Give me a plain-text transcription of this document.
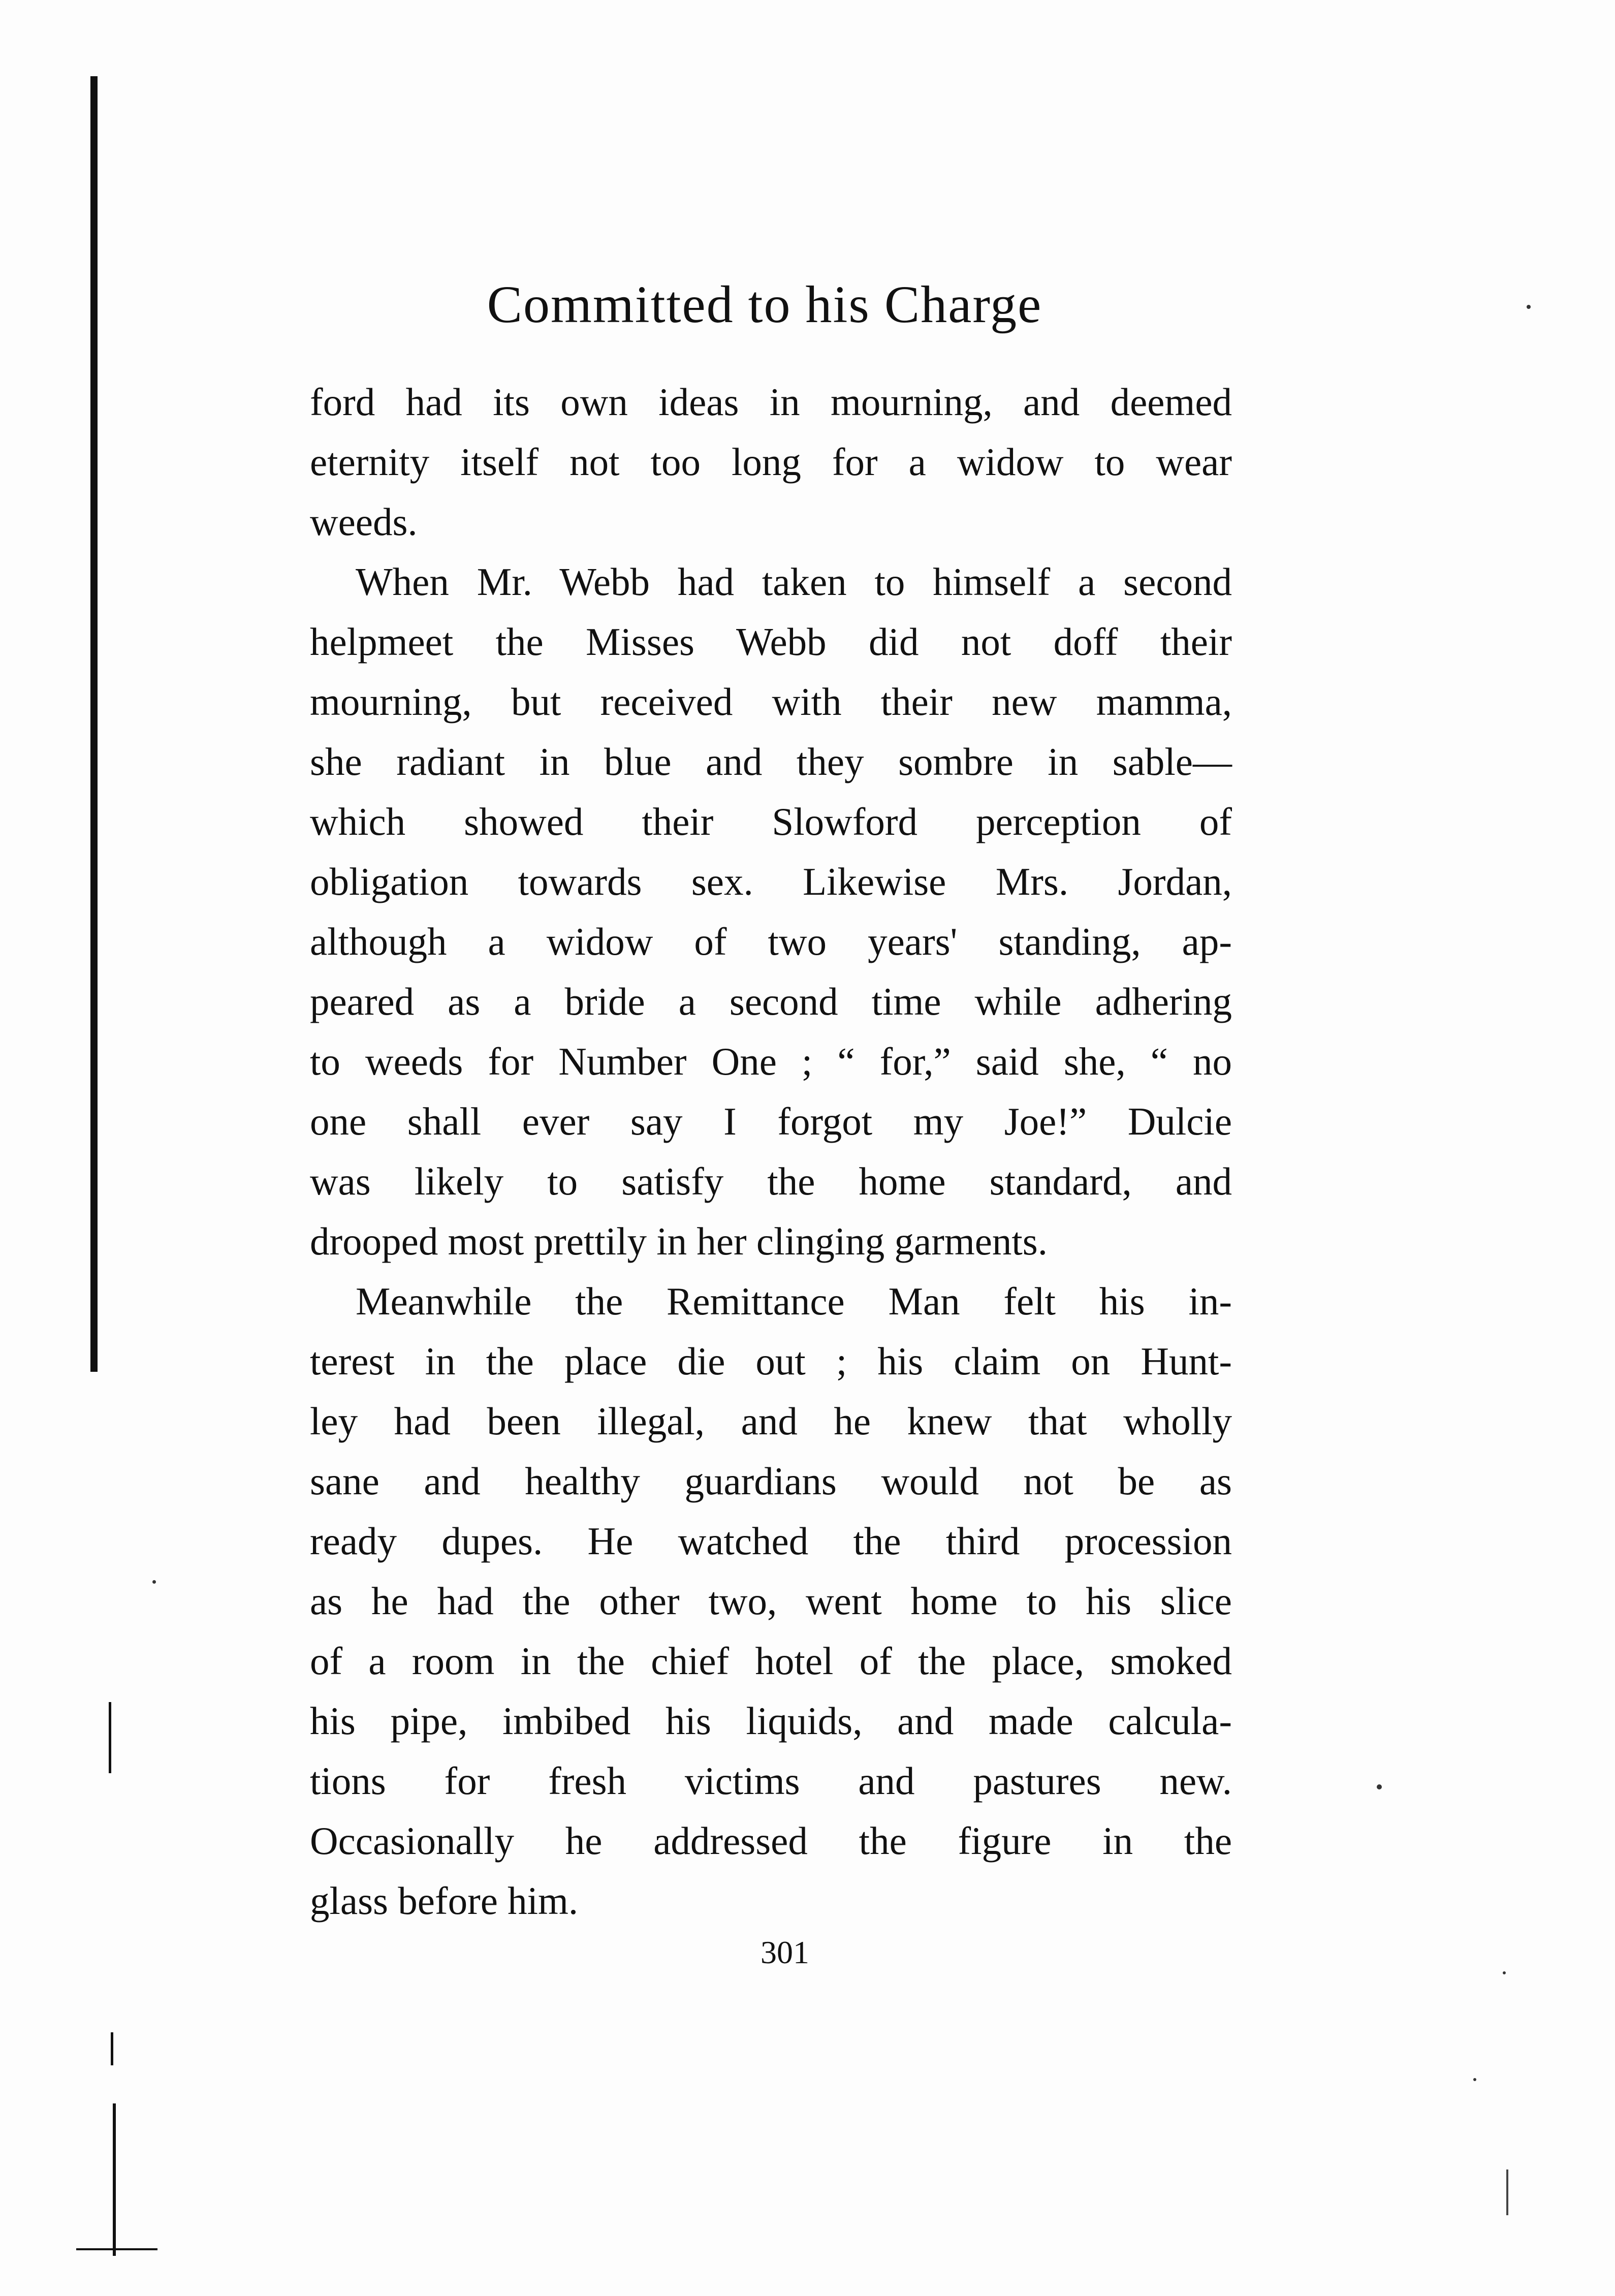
Committed to his Charge
ford had its own ideas in mourning, and deemed
eternity itself not too long for a widow to wear
weeds.
When Mr. Webb had taken to himself a second
helpmeet the Misses Webb did not doff their
mourning, but received with their new mamma,
she radiant in blue and they sombre in sable—
which showed their Slowford perception of
obligation towards sex. Likewise Mrs. Jordan,
although a widow of two years' standing, ap-
peared as a bride a second time while adhering
to weeds for Number One ; “ for,” said she, “ no
one shall ever say I forgot my Joe!” Dulcie
was likely to satisfy the home standard, and
drooped most prettily in her clinging garments.
Meanwhile the Remittance Man felt his in-
terest in the place die out ; his claim on Hunt-
ley had been illegal, and he knew that wholly
sane and healthy guardians would not be as
ready dupes. He watched the third procession
as he had the other two, went home to his slice
of a room in the chief hotel of the place, smoked
his pipe, imbibed his liquids, and made calcula-
tions for fresh victims and pastures new.
Occasionally he addressed the figure in the
glass before him.
301
